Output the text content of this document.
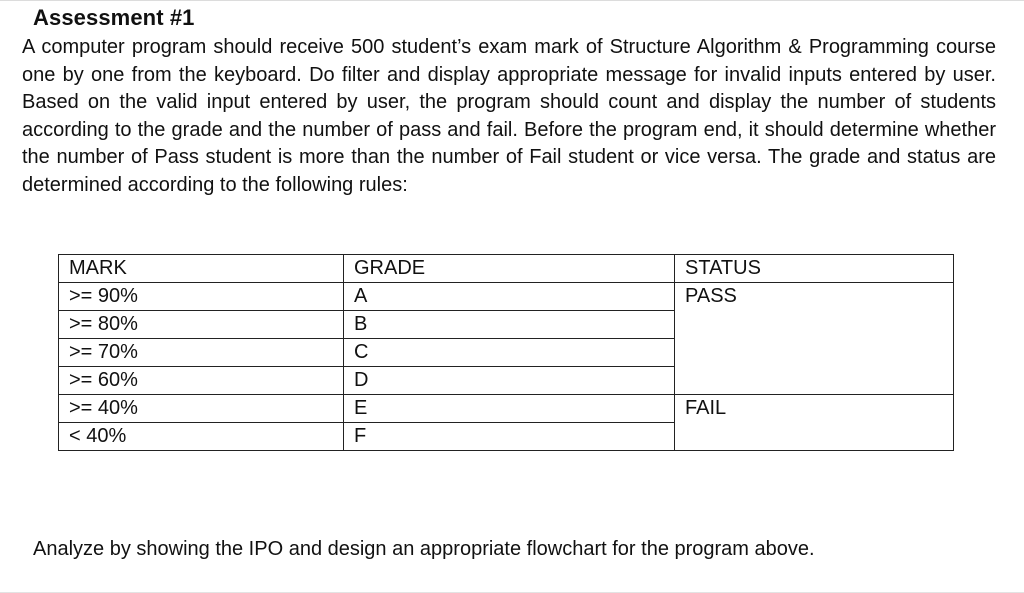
Assessment #1
A computer program should receive 500 student’s exam mark of Structure Algorithm & Programming course one by one from the keyboard. Do filter and display appropriate message for invalid inputs entered by user. Based on the valid input entered by user, the program should count and display the number of students according to the grade and the number of pass and fail. Before the program end, it should determine whether the number of Pass student is more than the number of Fail student or vice versa. The grade and status are determined according to the following rules:
MARK	GRADE	STATUS
>= 90%	A	PASS
>= 80%	B	
>= 70%	C	
>= 60%	D	
>= 40%	E	FAIL
< 40%	F	
Analyze by showing the IPO and design an appropriate flowchart for the program above.
